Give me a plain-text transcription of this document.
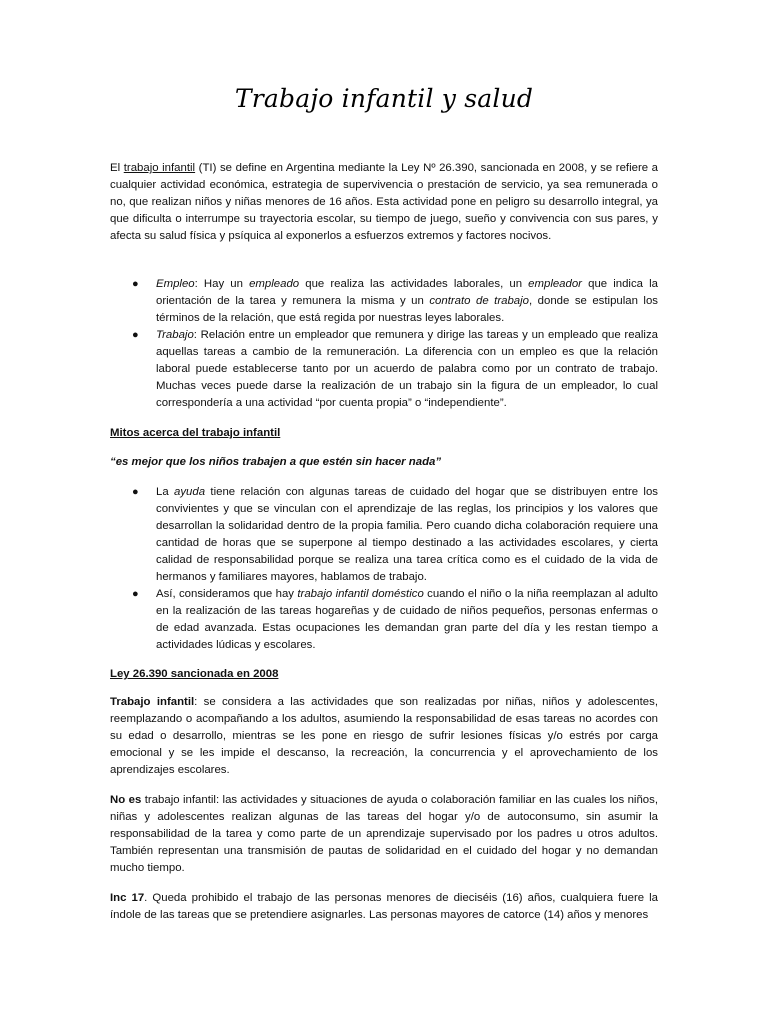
Trabajo infantil y salud

El trabajo infantil (TI) se define en Argentina mediante la Ley Nº 26.390, sancionada en 2008, y se refiere a cualquier actividad económica, estrategia de supervivencia o prestación de servicio, ya sea remunerada o no, que realizan niños y niñas menores de 16 años. Esta actividad pone en peligro su desarrollo integral, ya que dificulta o interrumpe su trayectoria escolar, su tiempo de juego, sueño y convivencia con sus pares, y afecta su salud física y psíquica al exponerlos a esfuerzos extremos y factores nocivos.

● Empleo: Hay un empleado que realiza las actividades laborales, un empleador que indica la orientación de la tarea y remunera la misma y un contrato de trabajo, donde se estipulan los términos de la relación, que está regida por nuestras leyes laborales.
● Trabajo: Relación entre un empleador que remunera y dirige las tareas y un empleado que realiza aquellas tareas a cambio de la remuneración. La diferencia con un empleo es que la relación laboral puede establecerse tanto por un acuerdo de palabra como por un contrato de trabajo. Muchas veces puede darse la realización de un trabajo sin la figura de un empleador, lo cual correspondería a una actividad “por cuenta propia” o “independiente”.
Mitos acerca del trabajo infantil
“es mejor que los niños trabajen a que estén sin hacer nada”
● La ayuda tiene relación con algunas tareas de cuidado del hogar que se distribuyen entre los convivientes y que se vinculan con el aprendizaje de las reglas, los principios y los valores que desarrollan la solidaridad dentro de la propia familia. Pero cuando dicha colaboración requiere una cantidad de horas que se superpone al tiempo destinado a las actividades escolares, y cierta calidad de responsabilidad porque se realiza una tarea crítica como es el cuidado de la vida de hermanos y familiares mayores, hablamos de trabajo.
● Así, consideramos que hay trabajo infantil doméstico cuando el niño o la niña reemplazan al adulto en la realización de las tareas hogareñas y de cuidado de niños pequeños, personas enfermas o de edad avanzada. Estas ocupaciones les demandan gran parte del día y les restan tiempo a actividades lúdicas y escolares.
Ley 26.390 sancionada en 2008

Trabajo infantil: se considera a las actividades que son realizadas por niñas, niños y adolescentes, reemplazando o acompañando a los adultos, asumiendo la responsabilidad de esas tareas no acordes con su edad o desarrollo, mientras se les pone en riesgo de sufrir lesiones físicas y/o estrés por carga emocional y se les impide el descanso, la recreación, la concurrencia y el aprovechamiento de los aprendizajes escolares.

No es trabajo infantil: las actividades y situaciones de ayuda o colaboración familiar en las cuales los niños, niñas y adolescentes realizan algunas de las tareas del hogar y/o de autoconsumo, sin asumir la responsabilidad de la tarea y como parte de un aprendizaje supervisado por los padres u otros adultos. También representan una transmisión de pautas de solidaridad en el cuidado del hogar y no demandan mucho tiempo.

Inc 17. Queda prohibido el trabajo de las personas menores de dieciséis (16) años, cualquiera fuere la índole de las tareas que se pretendiere asignarles. Las personas mayores de catorce (14) años y menores
